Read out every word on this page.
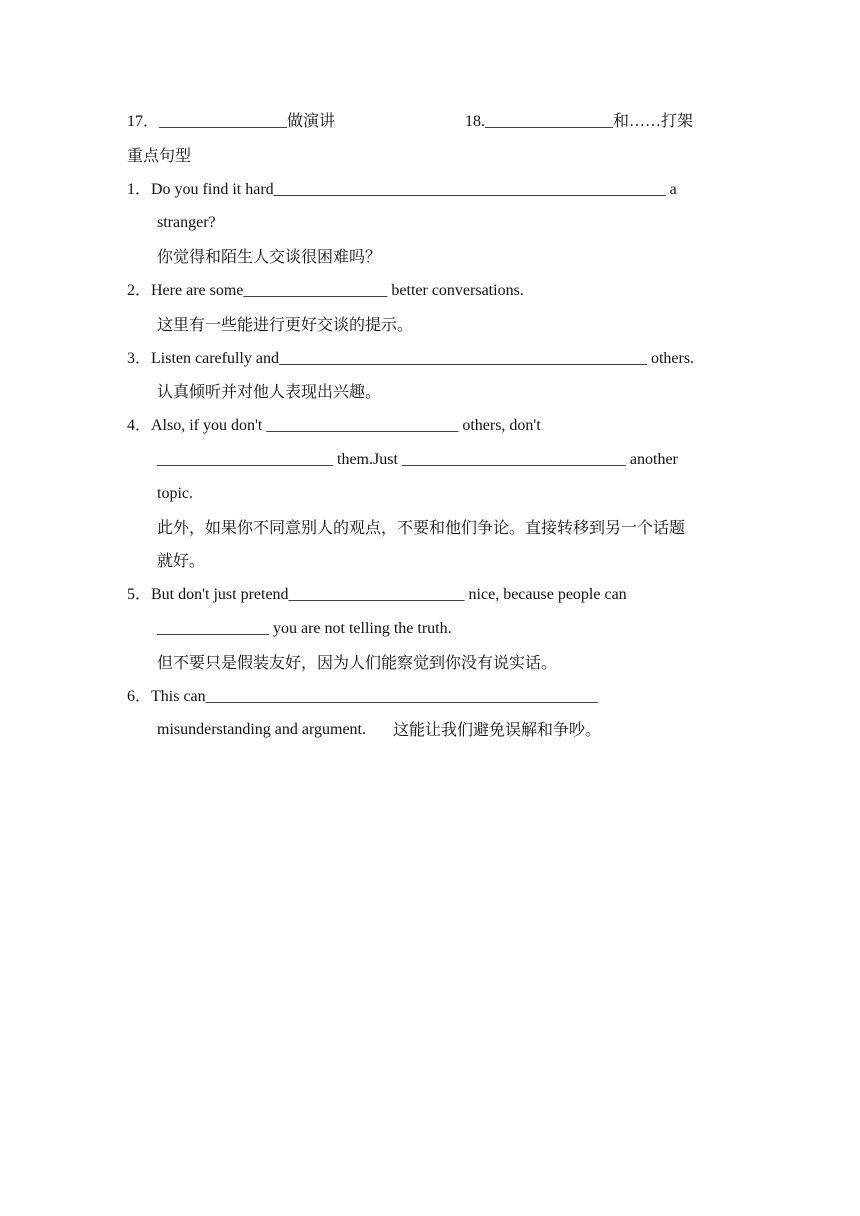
17．________________做演讲	18.________________和……打架

重点句型

1．Do you find it hard_________________________________________________ a

stranger?

你觉得和陌生人交谈很困难吗？

2．Here are some__________________ better conversations.

这里有一些能进行更好交谈的提示。

3．Listen carefully and______________________________________________ others.

认真倾听并对他人表现出兴趣。

4．Also, if you don't ________________________ others, don't

______________________ them.Just ____________________________ another

topic.

此外，如果你不同意别人的观点，不要和他们争论。直接转移到另一个话题

就好。

5．But don't just pretend______________________ nice, because people can

______________ you are not telling the truth.

但不要只是假装友好，因为人们能察觉到你没有说实话。

6．This can_________________________________________________

misunderstanding and argument. 这能让我们避免误解和争吵。
